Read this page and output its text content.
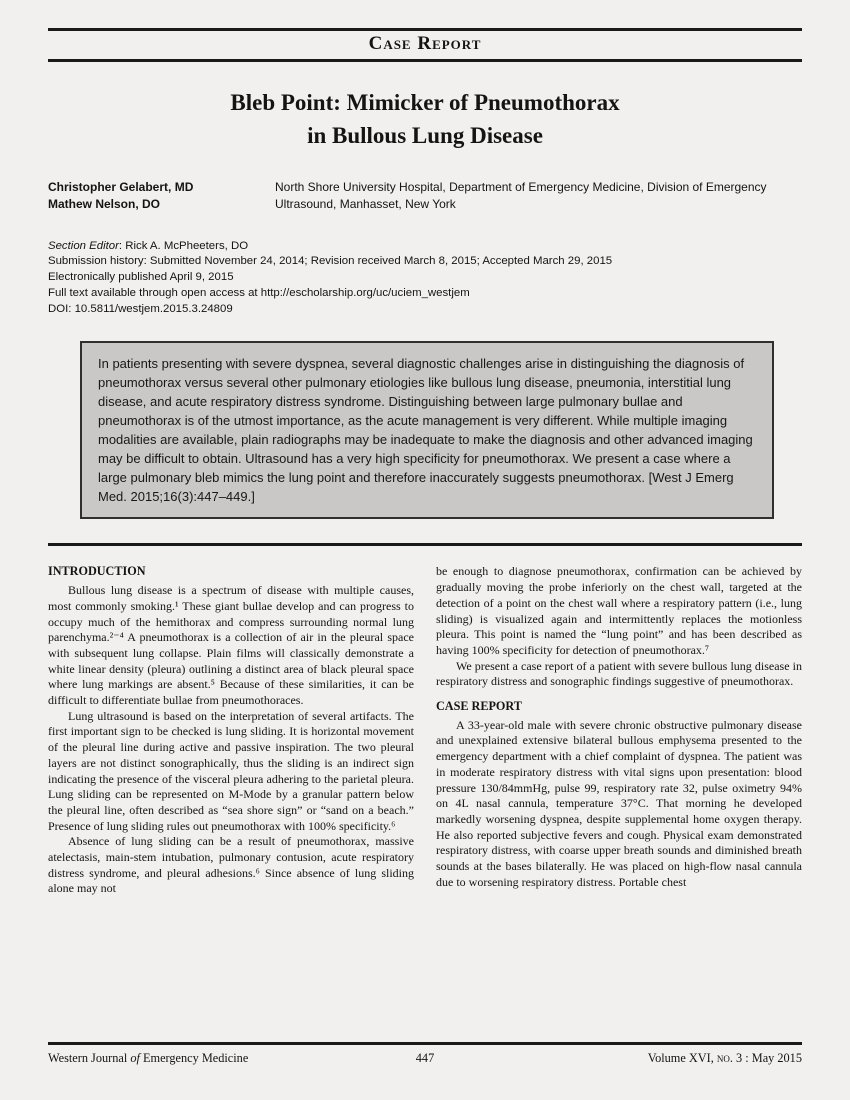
Case Report
Bleb Point: Mimicker of Pneumothorax
in Bullous Lung Disease
Christopher Gelabert, MD
Mathew Nelson, DO
North Shore University Hospital, Department of Emergency Medicine, Division of Emergency Ultrasound, Manhasset, New York
Section Editor: Rick A. McPheeters, DO
Submission history: Submitted November 24, 2014; Revision received March 8, 2015; Accepted March 29, 2015
Electronically published April 9, 2015
Full text available through open access at http://escholarship.org/uc/uciem_westjem
DOI: 10.5811/westjem.2015.3.24809
In patients presenting with severe dyspnea, several diagnostic challenges arise in distinguishing the diagnosis of pneumothorax versus several other pulmonary etiologies like bullous lung disease, pneumonia, interstitial lung disease, and acute respiratory distress syndrome. Distinguishing between large pulmonary bullae and pneumothorax is of the utmost importance, as the acute management is very different. While multiple imaging modalities are available, plain radiographs may be inadequate to make the diagnosis and other advanced imaging may be difficult to obtain. Ultrasound has a very high specificity for pneumothorax. We present a case where a large pulmonary bleb mimics the lung point and therefore inaccurately suggests pneumothorax. [West J Emerg Med. 2015;16(3):447–449.]
INTRODUCTION

Bullous lung disease is a spectrum of disease with multiple causes, most commonly smoking.¹ These giant bullae develop and can progress to occupy much of the hemithorax and compress surrounding normal lung parenchyma.²⁻⁴ A pneumothorax is a collection of air in the pleural space with subsequent lung collapse. Plain films will classically demonstrate a white linear density (pleura) outlining a distinct area of black pleural space where lung markings are absent.⁵ Because of these similarities, it can be difficult to differentiate bullae from pneumothoraces.

Lung ultrasound is based on the interpretation of several artifacts. The first important sign to be checked is lung sliding. It is horizontal movement of the pleural line during active and passive inspiration. The two pleural layers are not distinct sonographically, thus the sliding is an indirect sign indicating the presence of the visceral pleura adhering to the parietal pleura. Lung sliding can be represented on M-Mode by a granular pattern below the pleural line, often described as “sea shore sign” or “sand on a beach.” Presence of lung sliding rules out pneumothorax with 100% specificity.⁶

Absence of lung sliding can be a result of pneumothorax, massive atelectasis, main-stem intubation, pulmonary contusion, acute respiratory distress syndrome, and pleural adhesions.⁶ Since absence of lung sliding alone may not

be enough to diagnose pneumothorax, confirmation can be achieved by gradually moving the probe inferiorly on the chest wall, targeted at the detection of a point on the chest wall where a respiratory pattern (i.e., lung sliding) is visualized again and intermittently replaces the motionless pleura. This point is named the “lung point” and has been described as having 100% specificity for detection of pneumothorax.⁷

We present a case report of a patient with severe bullous lung disease in respiratory distress and sonographic findings suggestive of pneumothorax.

CASE REPORT

A 33-year-old male with severe chronic obstructive pulmonary disease and unexplained extensive bilateral bullous emphysema presented to the emergency department with a chief complaint of dyspnea. The patient was in moderate respiratory distress with vital signs upon presentation: blood pressure 130/84mmHg, pulse 99, respiratory rate 32, pulse oximetry 94% on 4L nasal cannula, temperature 37°C. That morning he developed markedly worsening dyspnea, despite supplemental home oxygen therapy. He also reported subjective fevers and cough. Physical exam demonstrated respiratory distress, with coarse upper breath sounds and diminished breath sounds at the bases bilaterally. He was placed on high-flow nasal cannula due to worsening respiratory distress. Portable chest

Western Journal of Emergency Medicine	447	Volume XVI, no. 3 : May 2015
